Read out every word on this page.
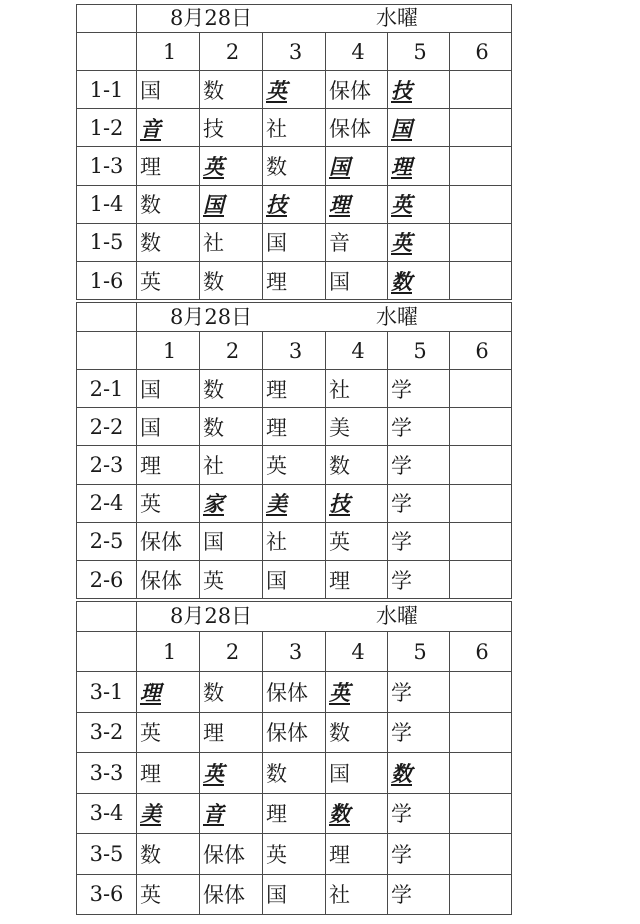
	8月28日 水曜					

	1	2	3	4	5	6
1-1	国	数	英	保体	技	
1-2	音	技	社	保体	国	
1-3	理	英	数	国	理	
1-4	数	国	技	理	英	
1-5	数	社	国	音	英	
1-6	英	数	理	国	数	

	8月28日 水曜					

	1	2	3	4	5	6
2-1	国	数	理	社	学	
2-2	国	数	理	美	学	
2-3	理	社	英	数	学	
2-4	英	家	美	技	学	
2-5	保体	国	社	英	学	
2-6	保体	英	国	理	学	

	8月28日 水曜					

	1	2	3	4	5	6
3-1	理	数	保体	英	学	
3-2	英	理	保体	数	学	
3-3	理	英	数	国	数	
3-4	美	音	理	数	学	
3-5	数	保体	英	理	学	
3-6	英	保体	国	社	学	
